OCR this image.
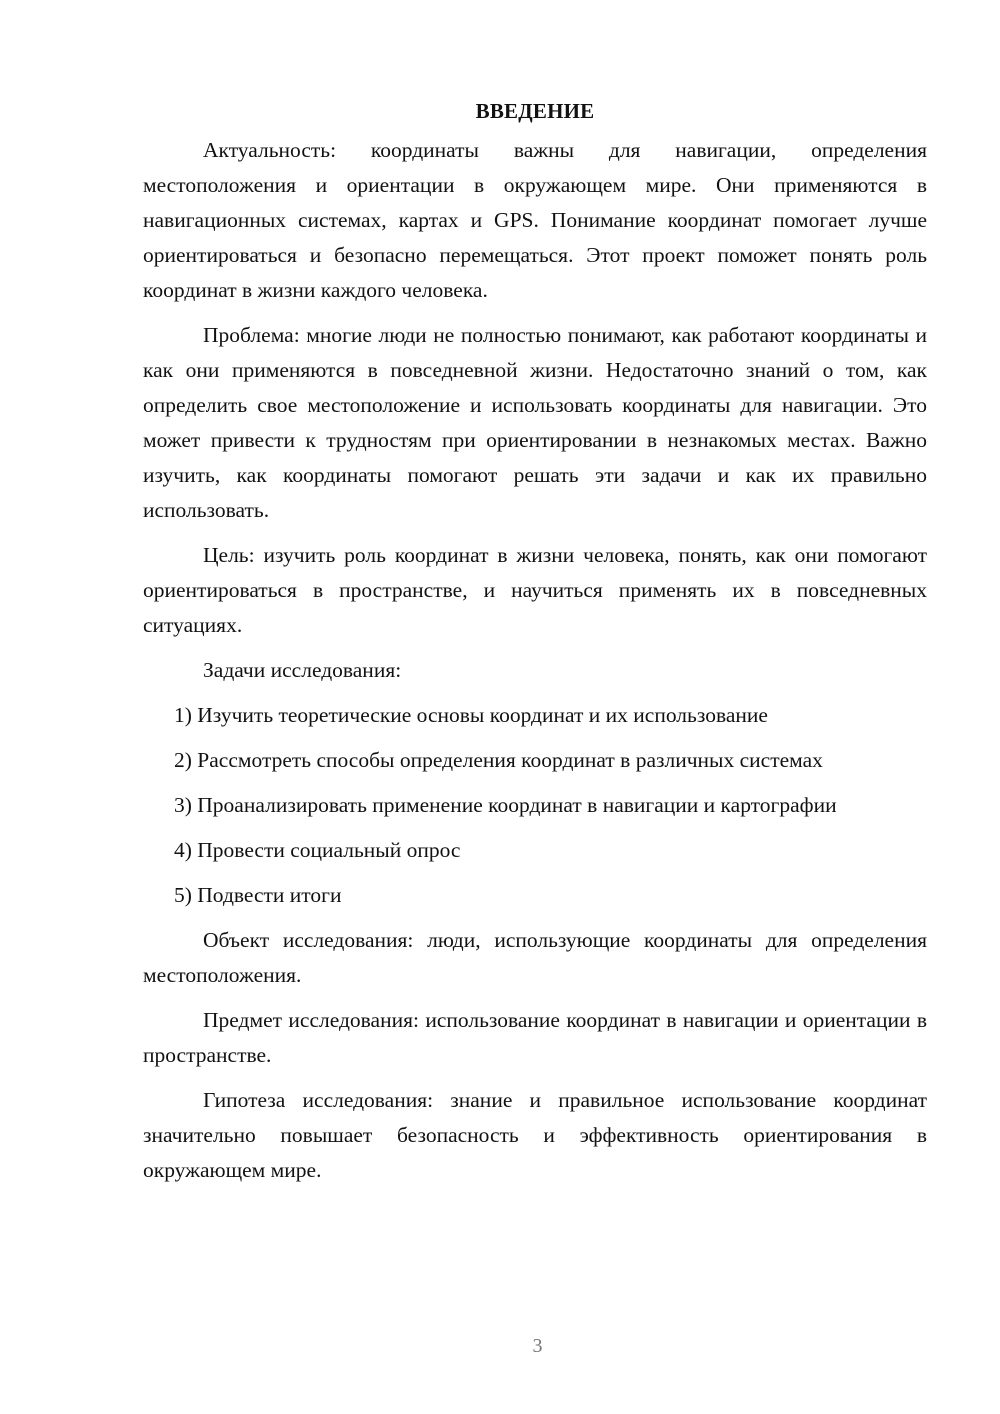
ВВЕДЕНИЕ

Актуальность: координаты важны для навигации, определения местоположения и ориентации в окружающем мире. Они применяются в навигационных системах, картах и GPS. Понимание координат помогает лучше ориентироваться и безопасно перемещаться. Этот проект поможет понять роль координат в жизни каждого человека.

Проблема: многие люди не полностью понимают, как работают координаты и как они применяются в повседневной жизни. Недостаточно знаний о том, как определить свое местоположение и использовать координаты для навигации. Это может привести к трудностям при ориентировании в незнакомых местах. Важно изучить, как координаты помогают решать эти задачи и как их правильно использовать.

Цель: изучить роль координат в жизни человека, понять, как они помогают ориентироваться в пространстве, и научиться применять их в повседневных ситуациях.

Задачи исследования:

1) Изучить теоретические основы координат и их использование

2) Рассмотреть способы определения координат в различных системах

3) Проанализировать применение координат в навигации и картографии

4) Провести социальный опрос

5) Подвести итоги

Объект исследования: люди, использующие координаты для определения местоположения.

Предмет исследования: использование координат в навигации и ориентации в пространстве.

Гипотеза исследования: знание и правильное использование координат значительно повышает безопасность и эффективность ориентирования в окружающем мире.

3
